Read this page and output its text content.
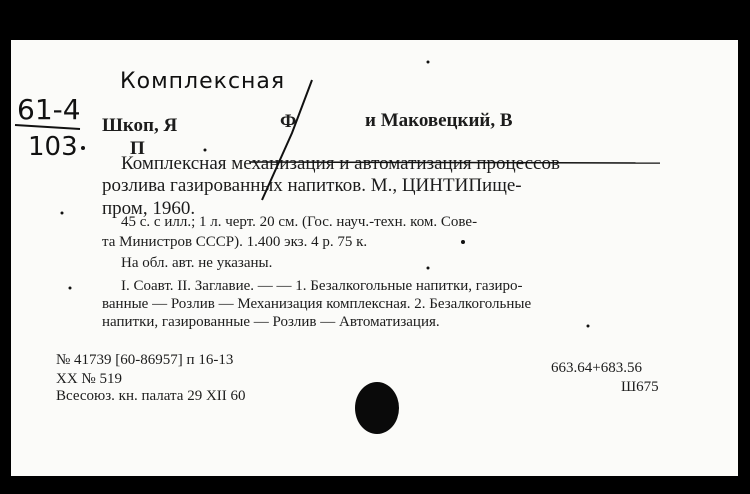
Комплексная
61-4
103
Шкоп, Я	Ф	и Маковецкий, В
П
Комплексная механизация и автоматизация процессов
розлива газированных напитков. М., ЦИНТИПище-
пром, 1960.
45 с. с илл.; 1 л. черт. 20 см. (Гос. науч.-техн. ком. Сове-
та Министров СССР). 1.400 экз. 4 р. 75 к.
На обл. авт. не указаны.
I. Соавт. II. Заглавие. — — 1. Безалкогольные напитки, газиро-
ванные — Розлив — Механизация комплексная. 2. Безалкогольные
напитки, газированные — Розлив — Автоматизация.
№ 41739 [60-86957] п 16-13
XX № 519
Всесоюз. кн. палата 29 XII 60
663.64+683.56
Ш675
